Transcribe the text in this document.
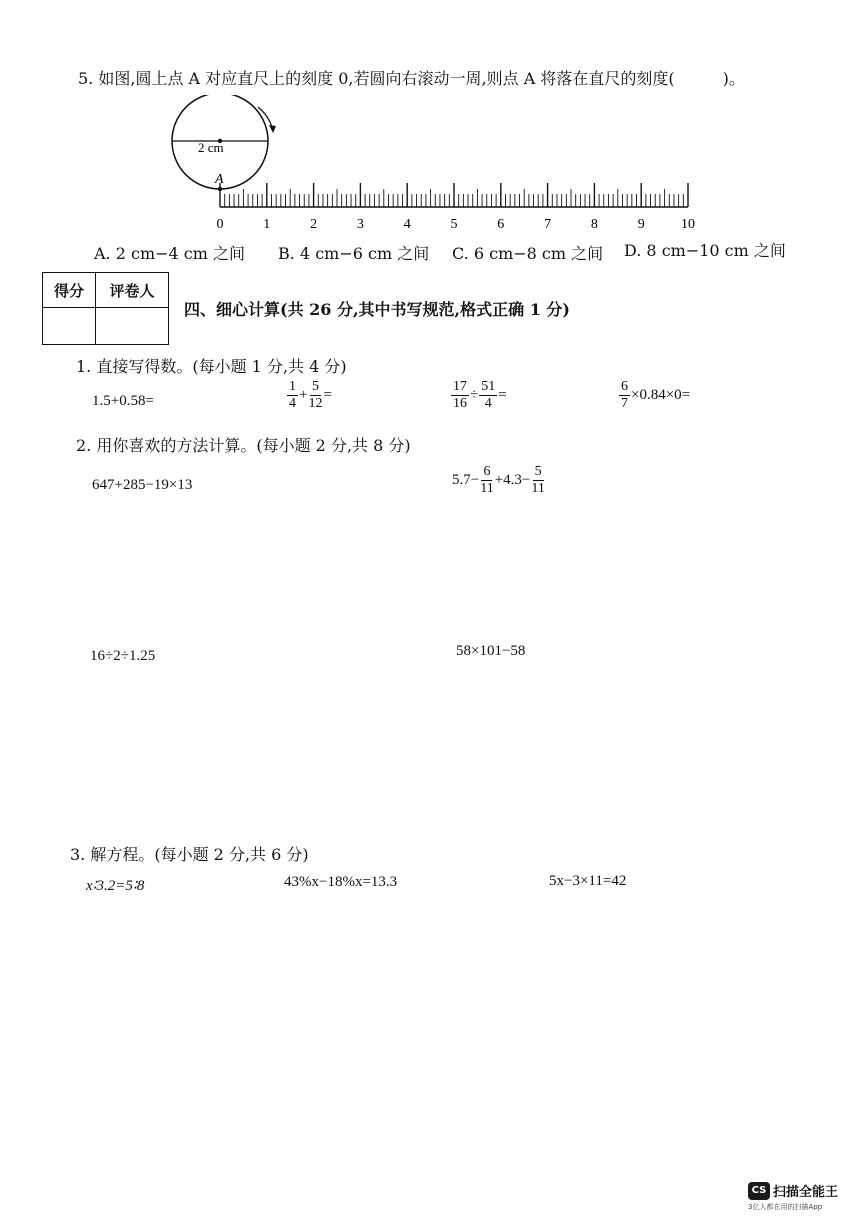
5. 如图,圆上点 A 对应直尺上的刻度 0,若圆向右滚动一周,则点 A 将落在直尺的刻度(　　　)。
2 cm
A
0	1	2	3	4	5	6	7	8	9	10
A. 2 cm−4 cm 之间 B. 4 cm−6 cm 之间 C. 6 cm−8 cm 之间 D. 8 cm−10 cm 之间
得分	评卷人

四、细心计算(共 26 分,其中书写规范,格式正确 1 分)
1. 直接写得数。(每小题 1 分,共 4 分)
1.5+0.58=	$\frac{1}{4} + \frac{5}{12}$ =	$\frac{17}{16} \div \frac{51}{4}$ =	$\frac{6}{7} \times 0.84\times 0=$
2. 用你喜欢的方法计算。(每小题 2 分,共 8 分)
647+285−19×13	$5.7- \frac{6}{11} +4.3- \frac{5}{11}$
16÷2÷1.25	58×101−58
3. 解方程。(每小题 2 分,共 6 分)
x∶3.2=5∶8	43%x−18%x=13.3	5x−3×11=42
CS 扫描全能王
3亿人都在用的扫描App
